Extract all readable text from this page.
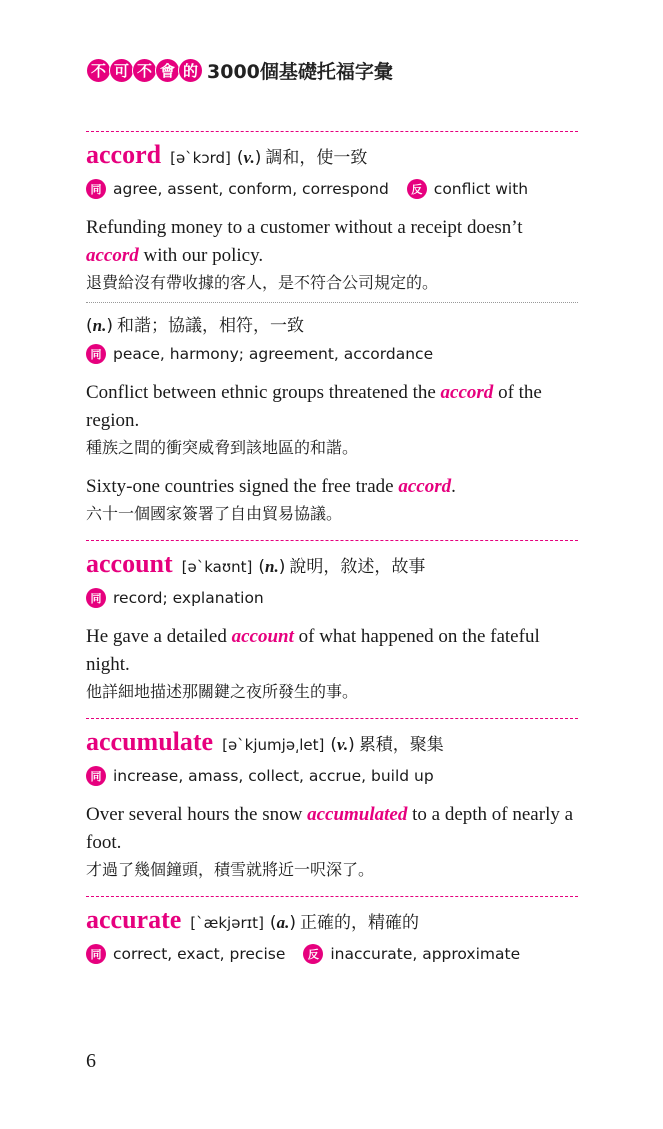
不 可 不 會 的 3000個基礎托福字彙
accord [ə`kɔrd] ( v. ) 調和，使一致
同 agree, assent, conform, correspond	反 conflict with
Refunding money to a customer without a receipt doesn’t accord with our policy.
退費給沒有帶收據的客人，是不符合公司規定的。
( n. ) 和諧；協議，相符，一致
同 peace, harmony; agreement, accordance
Conflict between ethnic groups threatened the accord of the region.
種族之間的衝突威脅到該地區的和諧。
Sixty-one countries signed the free trade accord.
六十一個國家簽署了自由貿易協議。
account [ə`kaʊnt] ( n. ) 說明，敘述，故事
同 record; explanation
He gave a detailed account of what happened on the fateful night.
他詳細地描述那關鍵之夜所發生的事。
accumulate [ə`kjumjə͵let] ( v. ) 累積，聚集
同 increase, amass, collect, accrue, build up
Over several hours the snow accumulated to a depth of nearly a foot.
才過了幾個鐘頭，積雪就將近一呎深了。
accurate [`ækjərɪt] ( a. ) 正確的，精確的
同 correct, exact, precise	反 inaccurate, approximate
6
